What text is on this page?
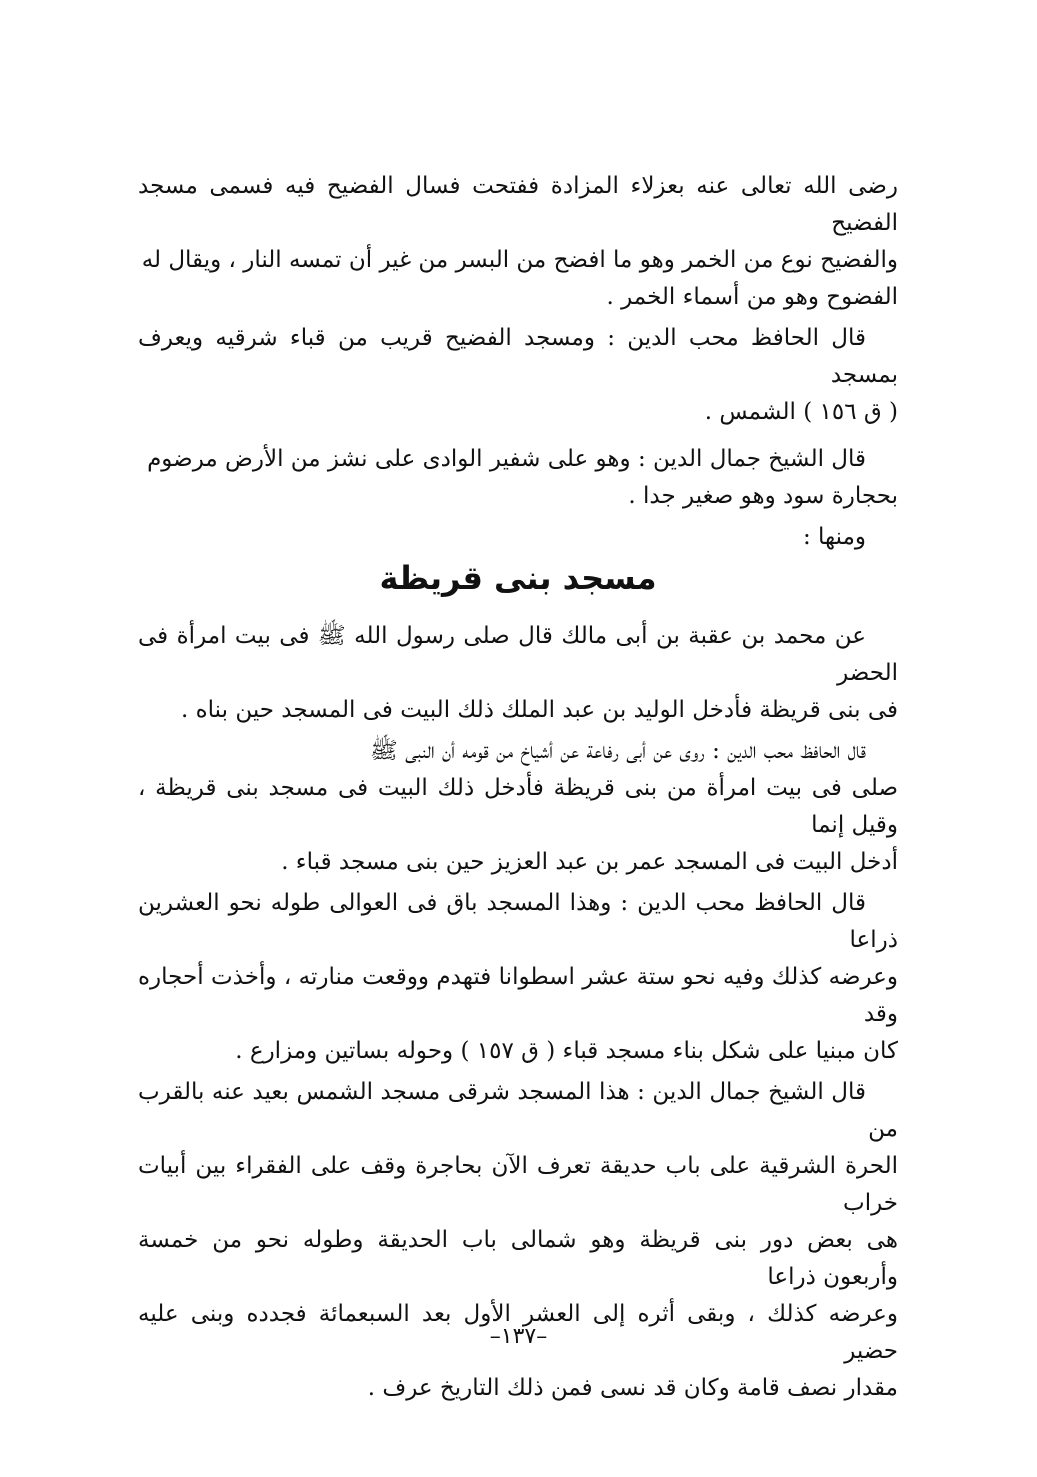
رضى الله تعالى عنه بعزلاء المزادة ففتحت فسال الفضيح فيه فسمى مسجد الفضيح
والفضيح نوع من الخمر وهو ما افضح من البسر من غير أن تمسه النار ، ويقال له
الفضوح وهو من أسماء الخمر .

قال الحافظ محب الدين : ومسجد الفضيح قريب من قباء شرقيه ويعرف بمسجد
( ق ١٥٦ ) الشمس .

قال الشيخ جمال الدين : وهو على شفير الوادى على نشز من الأرض مرضوم
بحجارة سود وهو صغير جدا .

ومنها :

مسجد بنى قريظة

عن محمد بن عقبة بن أبى مالك قال صلى رسول الله ﷺ فى بيت امرأة فى الحضر
فى بنى قريظة فأدخل الوليد بن عبد الملك ذلك البيت فى المسجد حين بناه .

قال الحافظ محب الدين : روى عن أبى رفاعة عن أشياخ من قومه أن النبى ﷺ
صلى فى بيت امرأة من بنى قريظة فأدخل ذلك البيت فى مسجد بنى قريظة ، وقيل إنما
أدخل البيت فى المسجد عمر بن عبد العزيز حين بنى مسجد قباء .

قال الحافظ محب الدين : وهذا المسجد باق فى العوالى طوله نحو العشرين ذراعا
وعرضه كذلك وفيه نحو ستة عشر اسطوانا فتهدم ووقعت منارته ، وأخذت أحجاره وقد
كان مبنيا على شكل بناء مسجد قباء ( ق ١٥٧ ) وحوله بساتين ومزارع .

قال الشيخ جمال الدين : هذا المسجد شرقى مسجد الشمس بعيد عنه بالقرب من
الحرة الشرقية على باب حديقة تعرف الآن بحاجرة وقف على الفقراء بين أبيات خراب
هى بعض دور بنى قريظة وهو شمالى باب الحديقة وطوله نحو من خمسة وأربعون ذراعا
وعرضه كذلك ، وبقى أثره إلى العشر الأول بعد السبعمائة فجدده وبنى عليه حضير
مقدار نصف قامة وكان قد نسى فمن ذلك التاريخ عرف .

–١٣٧–
